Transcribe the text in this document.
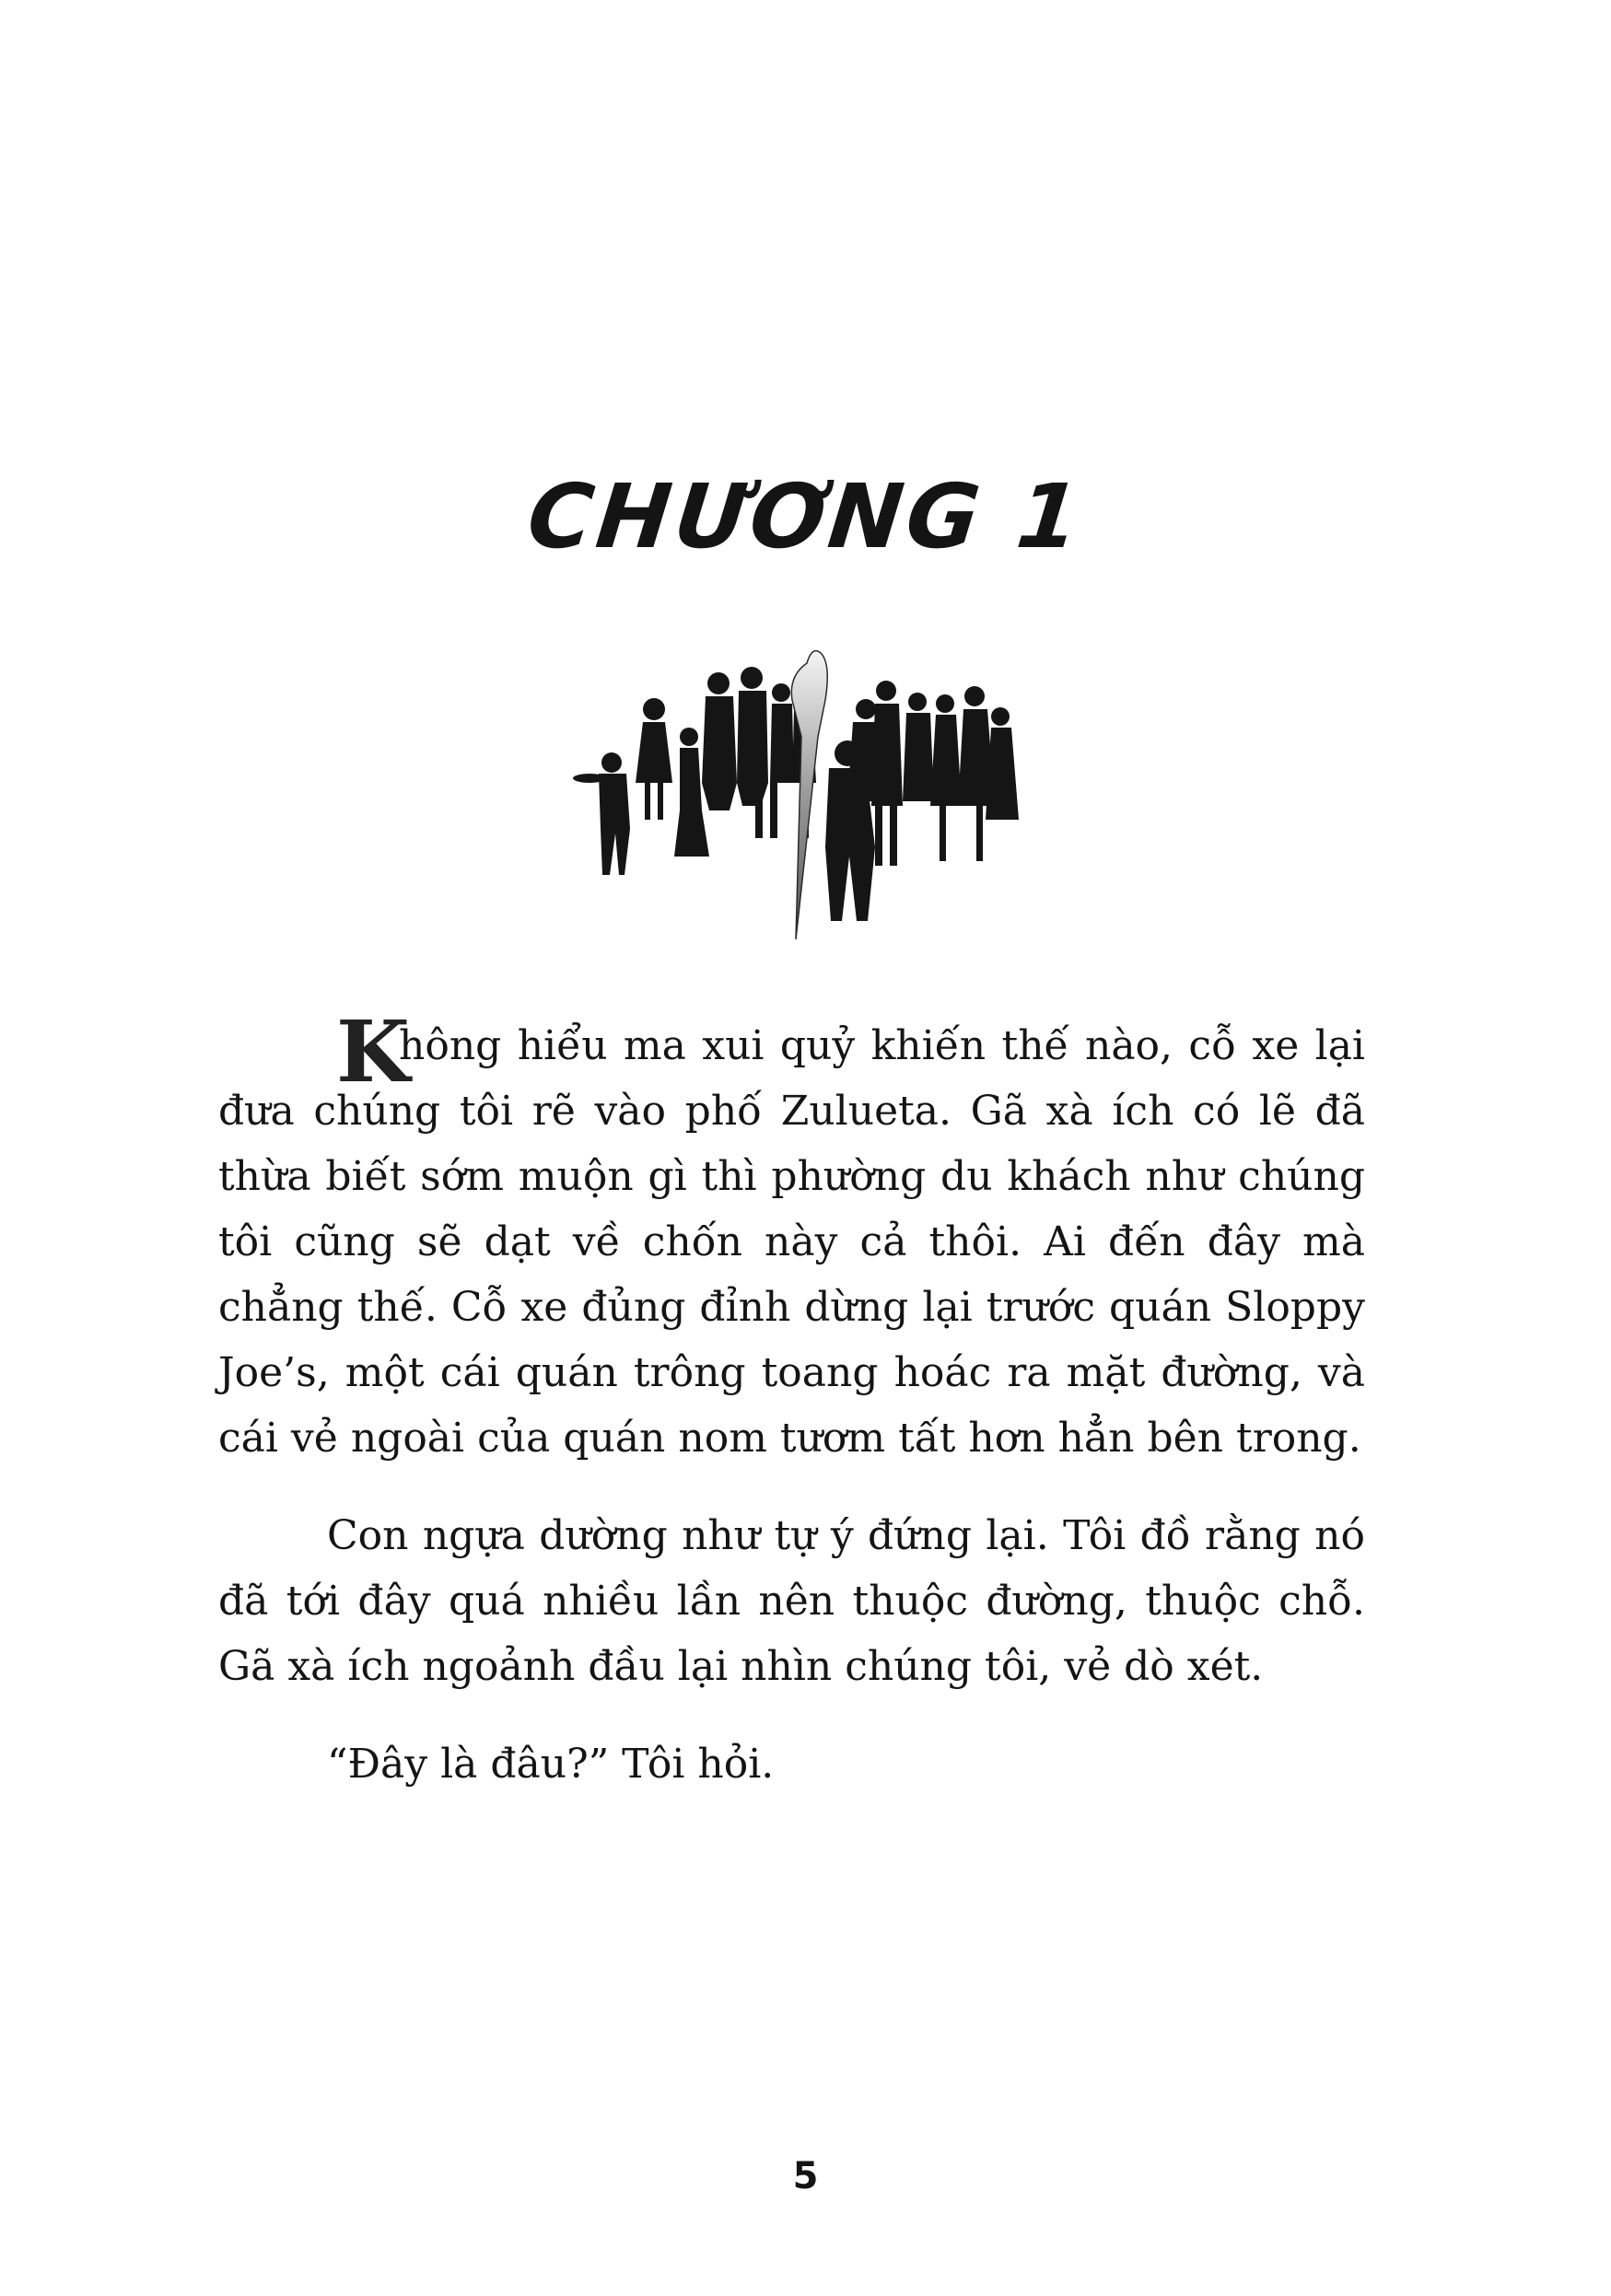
CHƯƠNG 1
K

hông hiểu ma xui quỷ khiến thế nào, cỗ xe lại đưa chúng tôi rẽ vào phố Zulueta. Gã xà ích có lẽ đã thừa biết sớm muộn gì thì phường du khách như chúng tôi cũng sẽ dạt về chốn này cả thôi. Ai đến đây mà chẳng thế. Cỗ xe đủng đỉnh dừng lại trước quán Sloppy Joe’s, một cái quán trông toang hoác ra mặt đường, và cái vẻ ngoài của quán nom tươm tất hơn hẳn bên trong.

Con ngựa dường như tự ý đứng lại. Tôi đồ rằng nó đã tới đây quá nhiều lần nên thuộc đường, thuộc chỗ. Gã xà ích ngoảnh đầu lại nhìn chúng tôi, vẻ dò xét.

“Đây là đâu?” Tôi hỏi.

5
